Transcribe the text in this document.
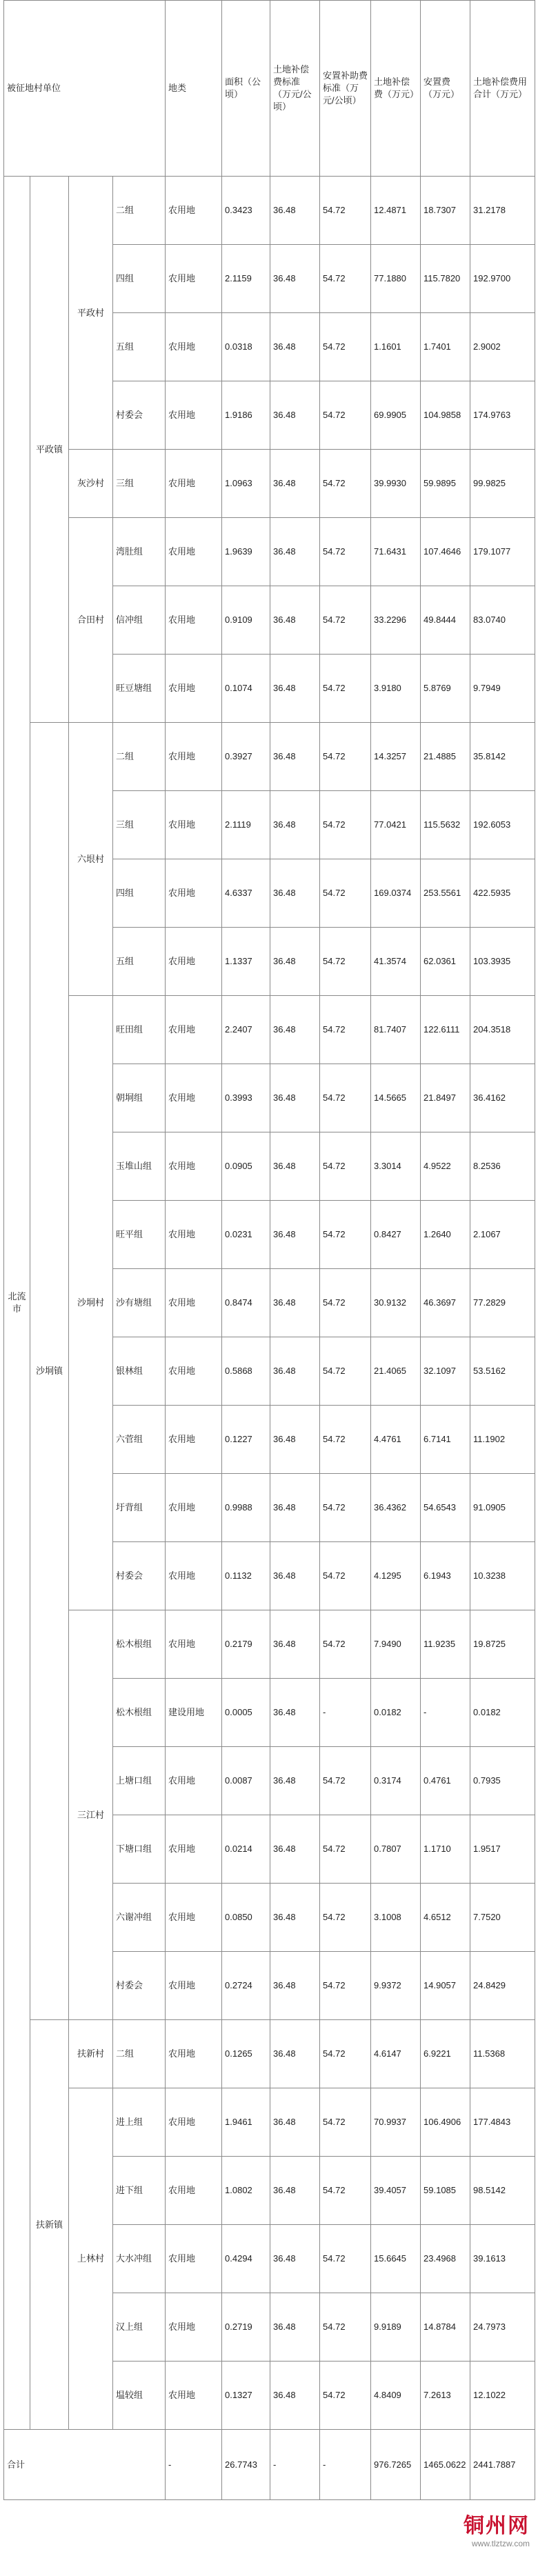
被征地村单位				地类	面积（公顷）	土地补偿费标准（万元/公顷）	安置补助费标准（万元/公顷）	土地补偿费（万元）	安置费（万元）	土地补偿费用合计（万元）
北流市	平政镇	平政村	二组	农用地	0.3423	36.48	54.72	12.4871	18.7307	31.2178
			四组	农用地	2.1159	36.48	54.72	77.1880	115.7820	192.9700
			五组	农用地	0.0318	36.48	54.72	1.1601	1.7401	2.9002
			村委会	农用地	1.9186	36.48	54.72	69.9905	104.9858	174.9763
		灰沙村	三组	农用地	1.0963	36.48	54.72	39.9930	59.9895	99.9825
		合田村	湾肚组	农用地	1.9639	36.48	54.72	71.6431	107.4646	179.1077
			信冲组	农用地	0.9109	36.48	54.72	33.2296	49.8444	83.0740
			旺豆塘组	农用地	0.1074	36.48	54.72	3.9180	5.8769	9.7949
	沙垌镇	六垠村	二组	农用地	0.3927	36.48	54.72	14.3257	21.4885	35.8142
			三组	农用地	2.1119	36.48	54.72	77.0421	115.5632	192.6053
			四组	农用地	4.6337	36.48	54.72	169.0374	253.5561	422.5935
			五组	农用地	1.1337	36.48	54.72	41.3574	62.0361	103.3935
		沙垌村	旺田组	农用地	2.2407	36.48	54.72	81.7407	122.6111	204.3518
			朝垌组	农用地	0.3993	36.48	54.72	14.5665	21.8497	36.4162
			玉堆山组	农用地	0.0905	36.48	54.72	3.3014	4.9522	8.2536
			旺平组	农用地	0.0231	36.48	54.72	0.8427	1.2640	2.1067
			沙有塘组	农用地	0.8474	36.48	54.72	30.9132	46.3697	77.2829
			银林组	农用地	0.5868	36.48	54.72	21.4065	32.1097	53.5162
			六菅组	农用地	0.1227	36.48	54.72	4.4761	6.7141	11.1902
			圩背组	农用地	0.9988	36.48	54.72	36.4362	54.6543	91.0905
			村委会	农用地	0.1132	36.48	54.72	4.1295	6.1943	10.3238
		三江村	松木根组	农用地	0.2179	36.48	54.72	7.9490	11.9235	19.8725
			松木根组	建设用地	0.0005	36.48	-	0.0182	-	0.0182
			上塘口组	农用地	0.0087	36.48	54.72	0.3174	0.4761	0.7935
			下塘口组	农用地	0.0214	36.48	54.72	0.7807	1.1710	1.9517
			六谢冲组	农用地	0.0850	36.48	54.72	3.1008	4.6512	7.7520
			村委会	农用地	0.2724	36.48	54.72	9.9372	14.9057	24.8429
	扶新镇	扶新村	二组	农用地	0.1265	36.48	54.72	4.6147	6.9221	11.5368
		上林村	进上组	农用地	1.9461	36.48	54.72	70.9937	106.4906	177.4843
			进下组	农用地	1.0802	36.48	54.72	39.4057	59.1085	98.5142
			大水冲组	农用地	0.4294	36.48	54.72	15.6645	23.4968	39.1613
			汉上组	农用地	0.2719	36.48	54.72	9.9189	14.8784	24.7973
			塭较组	农用地	0.1327	36.48	54.72	4.8409	7.2613	12.1022
合计				-	26.7743	-	-	976.7265	1465.0622	2441.7887
铜州网
www.tlztzw.com
